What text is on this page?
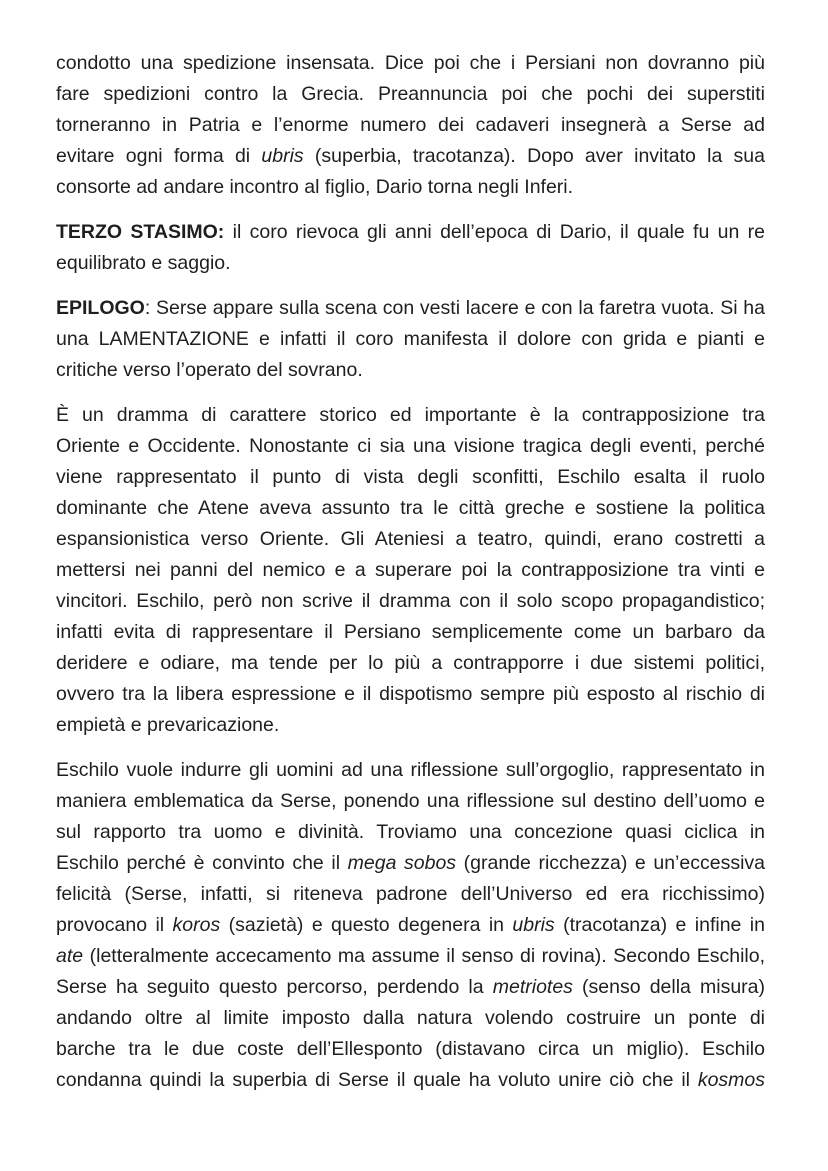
condotto una spedizione insensata. Dice poi che i Persiani non dovranno più
fare spedizioni contro la Grecia. Preannuncia poi che pochi dei superstiti
torneranno in Patria e l’enorme numero dei cadaveri insegnerà a Serse ad
evitare ogni forma di ubris (superbia, tracotanza). Dopo aver invitato la sua
consorte ad andare incontro al figlio, Dario torna negli Inferi.
TERZO STASIMO: il coro rievoca gli anni dell’epoca di Dario, il quale fu un re
equilibrato e saggio.
EPILOGO: Serse appare sulla scena con vesti lacere e con la faretra vuota. Si ha
una LAMENTAZIONE e infatti il coro manifesta il dolore con grida e pianti e
critiche verso l’operato del sovrano.
È un dramma di carattere storico ed importante è la contrapposizione tra
Oriente e Occidente. Nonostante ci sia una visione tragica degli eventi, perché
viene rappresentato il punto di vista degli sconfitti, Eschilo esalta il ruolo
dominante che Atene aveva assunto tra le città greche e sostiene la politica
espansionistica verso Oriente. Gli Ateniesi a teatro, quindi, erano costretti a
mettersi nei panni del nemico e a superare poi la contrapposizione tra vinti e
vincitori. Eschilo, però non scrive il dramma con il solo scopo propagandistico;
infatti evita di rappresentare il Persiano semplicemente come un barbaro da
deridere e odiare, ma tende per lo più a contrapporre i due sistemi politici,
ovvero tra la libera espressione e il dispotismo sempre più esposto al rischio di
empietà e prevaricazione.
Eschilo vuole indurre gli uomini ad una riflessione sull’orgoglio, rappresentato in
maniera emblematica da Serse, ponendo una riflessione sul destino dell’uomo e
sul rapporto tra uomo e divinità. Troviamo una concezione quasi ciclica in
Eschilo perché è convinto che il mega sobos (grande ricchezza) e un’eccessiva
felicità (Serse, infatti, si riteneva padrone dell’Universo ed era ricchissimo)
provocano il koros (sazietà) e questo degenera in ubris (tracotanza) e infine in
ate (letteralmente accecamento ma assume il senso di rovina). Secondo Eschilo,
Serse ha seguito questo percorso, perdendo la metriotes (senso della misura)
andando oltre al limite imposto dalla natura volendo costruire un ponte di
barche tra le due coste dell’Ellesponto (distavano circa un miglio). Eschilo
condanna quindi la superbia di Serse il quale ha voluto unire ciò che il kosmos
